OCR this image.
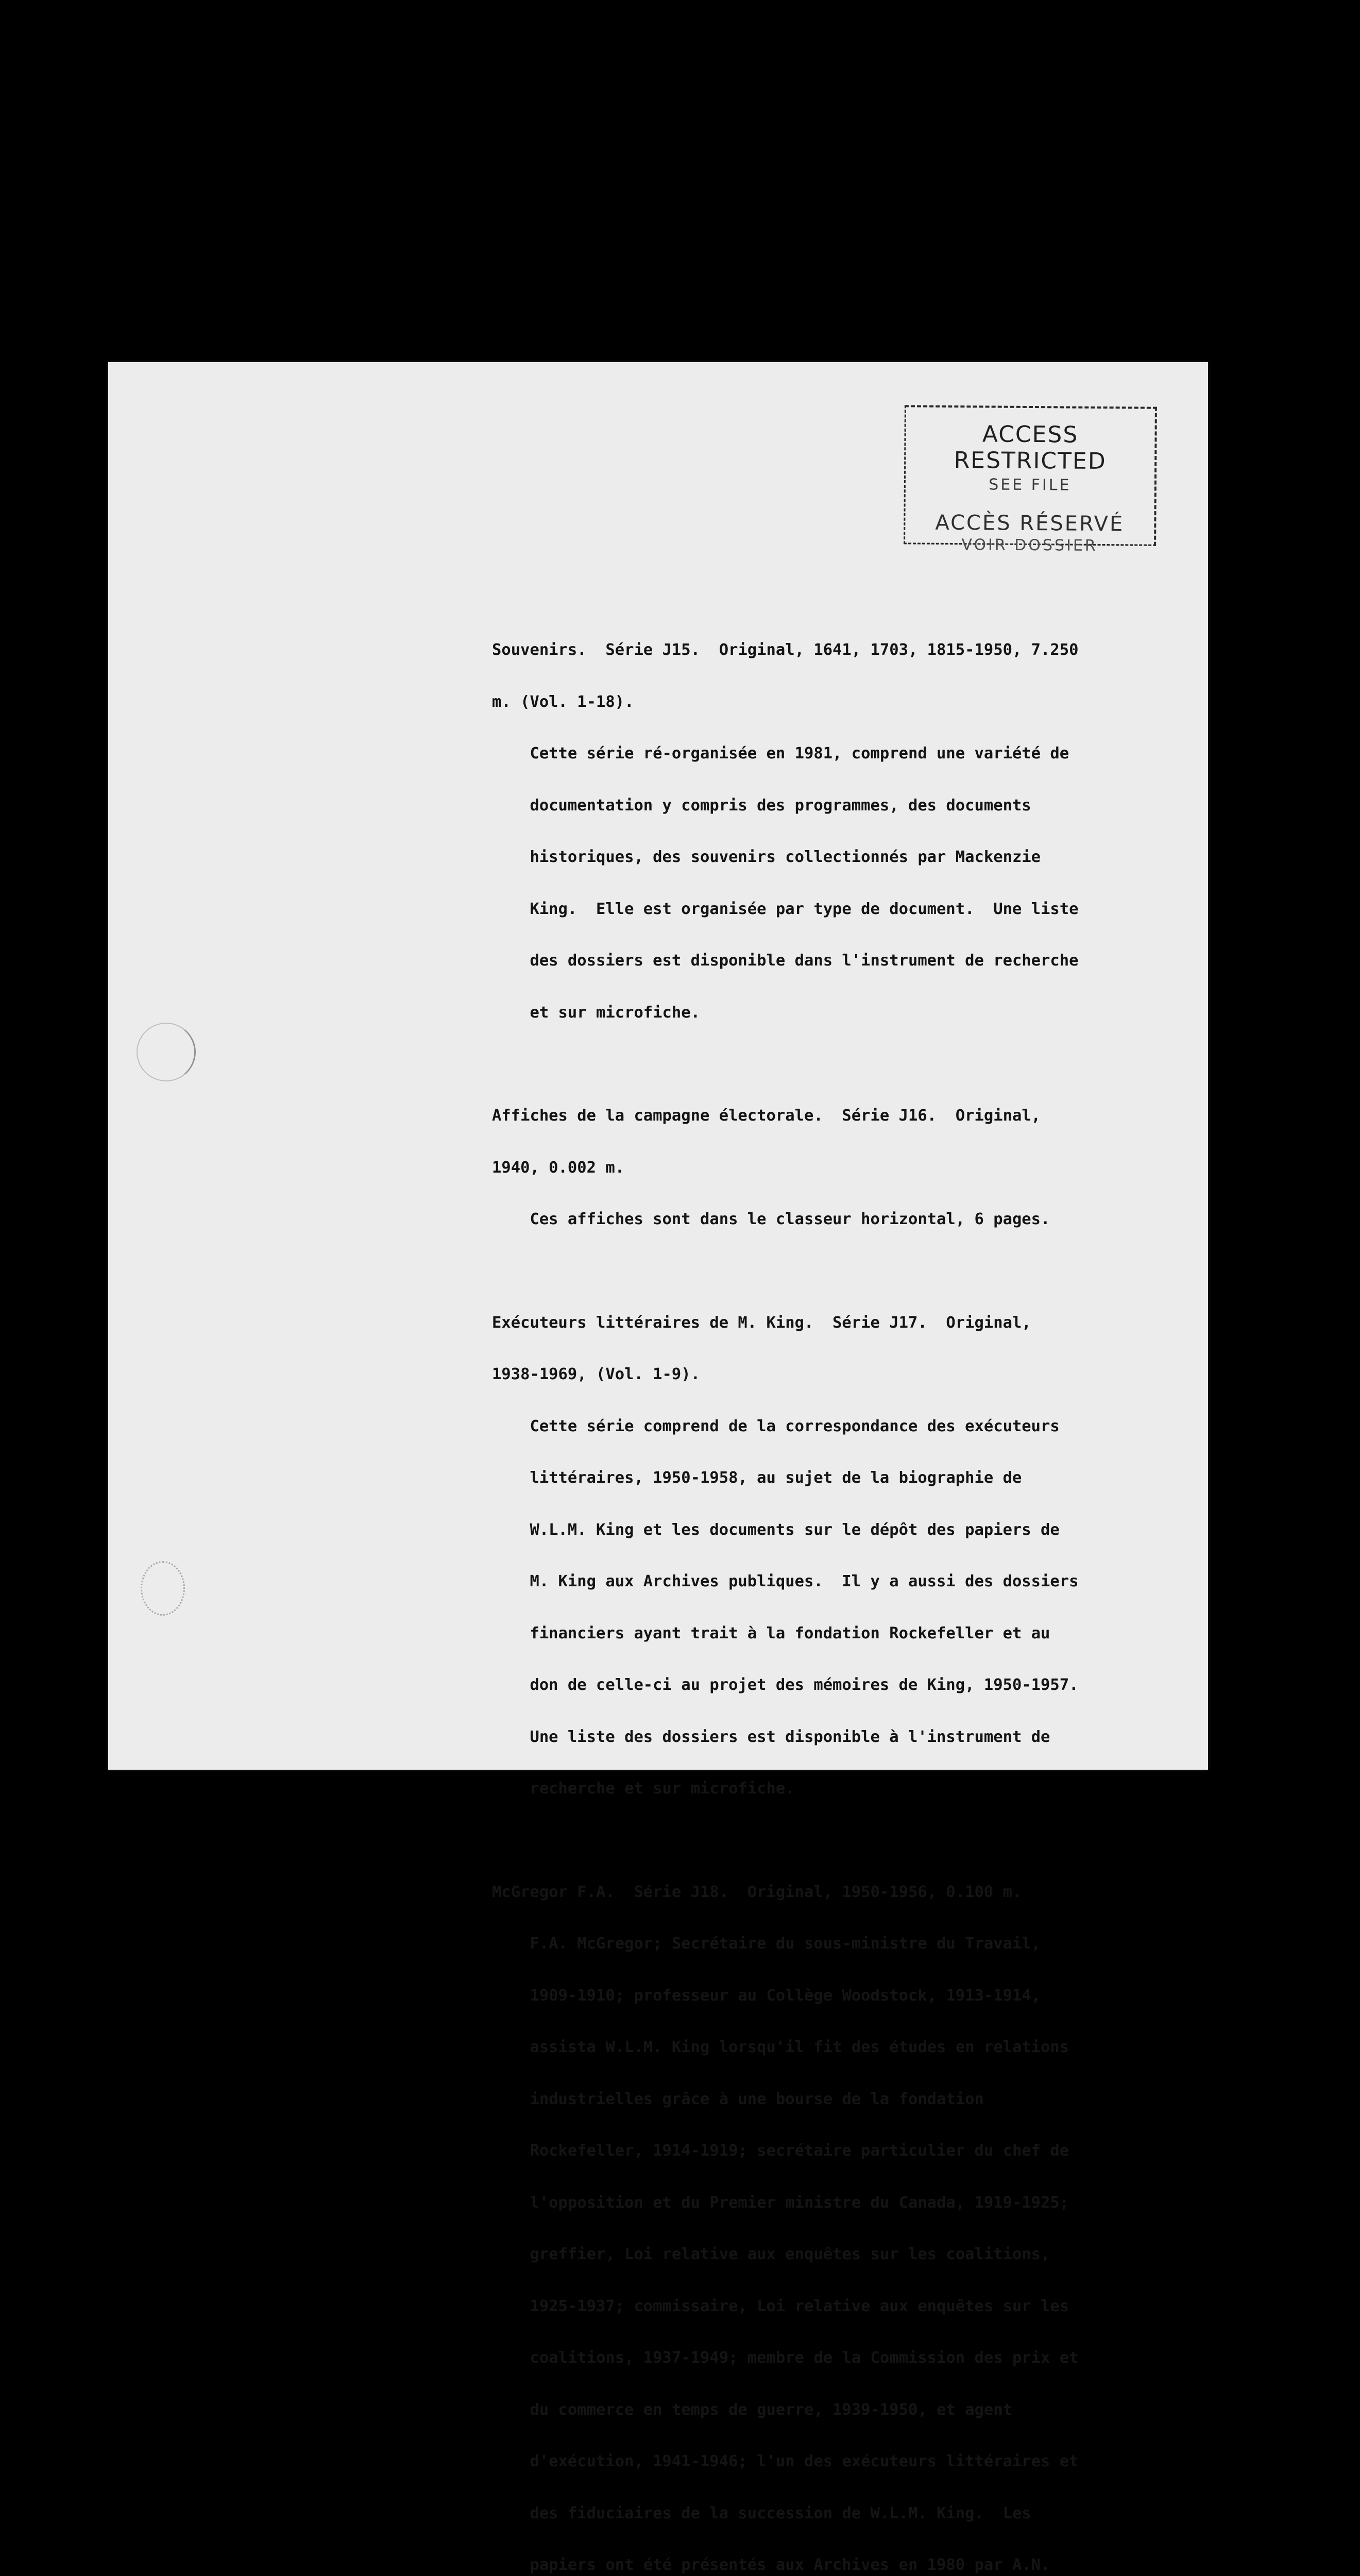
ACCESS RESTRICTED
SEE FILE
ACCÈS RÉSERVÉ
VOIR DOSSIER

Souvenirs.  Série J15.  Original, 1641, 1703, 1815-1950, 7.250

m. (Vol. 1-18).

Cette série ré-organisée en 1981, comprend une variété de

documentation y compris des programmes, des documents

historiques, des souvenirs collectionnés par Mackenzie

King.  Elle est organisée par type de document.  Une liste

des dossiers est disponible dans l'instrument de recherche

et sur microfiche.

Affiches de la campagne électorale.  Série J16.  Original,

1940, 0.002 m.

Ces affiches sont dans le classeur horizontal, 6 pages.

Exécuteurs littéraires de M. King.  Série J17.  Original,

1938-1969, (Vol. 1-9).

Cette série comprend de la correspondance des exécuteurs

littéraires, 1950-1958, au sujet de la biographie de

W.L.M. King et les documents sur le dépôt des papiers de

M. King aux Archives publiques.  Il y a aussi des dossiers

financiers ayant trait à la fondation Rockefeller et au

don de celle-ci au projet des mémoires de King, 1950-1957.

Une liste des dossiers est disponible à l'instrument de

recherche et sur microfiche.

McGregor F.A.  Série J18.  Original, 1950-1956, 0.100 m.

F.A. McGregor; Secrétaire du sous-ministre du Travail,

1909-1910; professeur au Collège Woodstock, 1913-1914,

assista W.L.M. King lorsqu'il fit des études en relations

industrielles grâce à une bourse de la fondation

Rockefeller, 1914-1919; secrétaire particulier du chef de

l'opposition et du Premier ministre du Canada, 1919-1925;

greffier, Loi relative aux enquêtes sur les coalitions,

1925-1937; commissaire, Loi relative aux enquêtes sur les

coalitions, 1937-1949; membre de la Commission des prix et

du commerce en temps de guerre, 1939-1950, et agent

d'exécution, 1941-1946; l'un des exécuteurs littéraires et

des fiduciaires de la succession de W.L.M. King.  Les

papiers ont été présentés aux Archives en 1980 par A.N.
